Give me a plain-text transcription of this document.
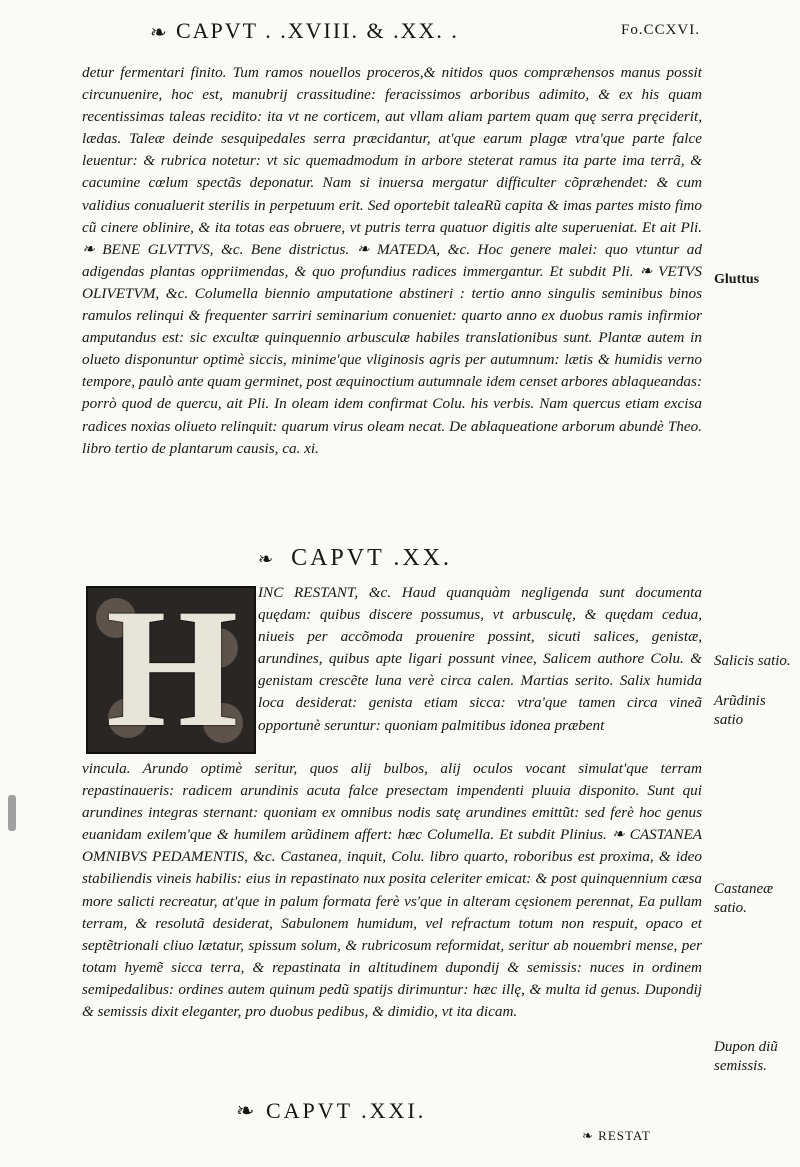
❧ CAPVT . .XVIII. & .XX. .	Fo.CCXVI.

detur fermentari finito. Tum ramos nouellos proceros,& nitidos quos compræhensos manus possit circunuenire, hoc est, manubrij crassitudine: feracissimos arboribus adimito, & ex his quam recentissimas taleas recidito: ita vt ne corticem, aut vllam aliam partem quam quę serra pręciderit, lædas. Taleæ deinde sesquipedales serra præcidantur, at'que earum plagæ vtra'que parte falce leuentur: & rubrica notetur: vt sic quemadmodum in arbore steterat ramus ita parte ima terrã, & cacumine cœlum spectãs deponatur. Nam si inuersa mergatur difficulter cõpræhendet: & cum validius conualuerit sterilis in perpetuum erit. Sed oportebit taleaRũ capita & imas partes misto fimo cũ cinere oblinire, & ita totas eas obruere, vt putris terra quatuor digitis alte superueniat. Et ait Pli. ❧ BENE GLVTTVS, &c. Bene districtus. ❧ MATEDA, &c. Hoc genere malei: quo vtuntur ad adigendas plantas oppriimendas, & quo profundius radices immergantur. Et subdit Pli. ❧ VETVS OLIVETVM, &c. Columella biennio amputatione abstineri : tertio anno singulis seminibus binos ramulos relinqui & frequenter sarriri seminarium conueniet: quarto anno ex duobus ramis infirmior amputandus est: sic excultæ quinquennio arbusculæ habiles translationibus sunt. Plantæ autem in olueto disponuntur optimè siccis, minime'que vliginosis agris per autumnum: lætis & humidis verno tempore, paulò ante quam germinet, post æquinoctium autumnale idem censet arbores ablaqueandas: porrò quod de quercu, ait Pli. In oleam idem confirmat Colu. his verbis. Nam quercus etiam excisa radices noxias oliueto relinquit: quarum virus oleam necat. De ablaqueatione arborum abundè Theo. libro tertio de plantarum causis, ca. xi.

Gluttus
❧ CAPVT .XX.
H INC RESTANT, &c. Haud quanquàm negligenda sunt documenta quędam: quibus discere possumus, vt arbusculę, & quędam cedua, niueis per accõmoda prouenire possint, sicuti salices, genistæ, arundines, quibus apte ligari possunt vinee, Salicem authore Colu. & genistam crescẽte luna verè circa calen. Martias serito. Salix humida loca desiderat: genista etiam sicca: vtra'que tamen circa vineã opportunè seruntur: quoniam palmitibus idonea præbent

vincula. Arundo optimè seritur, quos alij bulbos, alij oculos vocant simulat'que terram repastinaueris: radicem arundinis acuta falce presectam impendenti pluuia disponito. Sunt qui arundines integras sternant: quoniam ex omnibus nodis satę arundines emittũt: sed ferè hoc genus euanidam exilem'que & humilem arũdinem affert: hæc Columella. Et subdit Plinius. ❧ CASTANEA OMNIBVS PEDAMENTIS, &c. Castanea, inquit, Colu. libro quarto, roboribus est proxima, & ideo stabiliendis vineis habilis: eius in repastinato nux posita celeriter emicat: & post quinquennium cæsa more salicti recreatur, at'que in palum formata ferè vs'que in alteram cęsionem perennat, Ea pullam terram, & resolutã desiderat, Sabulonem humidum, vel refractum totum non respuit, opaco et septẽtrionali cliuo lætatur, spissum solum, & rubricosum reformidat, seritur ab nouembri mense, per totam hyemẽ sicca terra, & repastinata in altitudinem dupondij & semissis: nuces in ordinem semipedalibus: ordines autem quinum pedũ spatijs dirimuntur: hæc illę, & multa id genus. Dupondij & semissis dixit eleganter, pro duobus pedibus, & dimidio, vt ita dicam.

Salicis satio.
Arũdinis satio
Castaneæ satio.
Dupon diũ semissis.
❧ CAPVT .XXI.
❧ RESTAT
